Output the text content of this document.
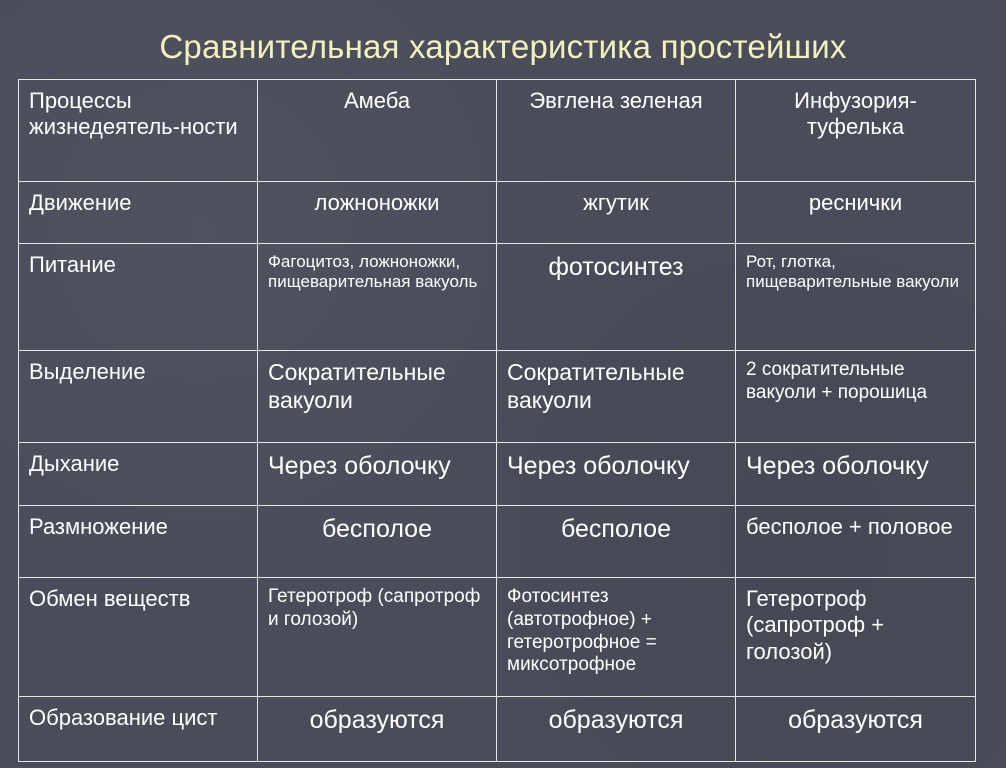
Сравнительная характеристика простейших
Процессы жизнедеятель-ности	Амеба	Эвглена зеленая	Инфузория-туфелька
Движение	ложноножки	жгутик	реснички
Питание	Фагоцитоз, ложноножки, пищеварительная вакуоль	фотосинтез	Рот, глотка, пищеварительные вакуоли
Выделение	Сократительные вакуоли	Сократительные вакуоли	2 сократительные вакуоли + порошица
Дыхание	Через оболочку	Через оболочку	Через оболочку
Размножение	бесполое	бесполое	бесполое + половое
Обмен веществ	Гетеротроф (сапротроф и голозой)	Фотосинтез (автотрофное) + гетеротрофное = миксотрофное	Гетеротроф (сапротроф + голозой)
Образование цист	образуются	образуются	образуются
